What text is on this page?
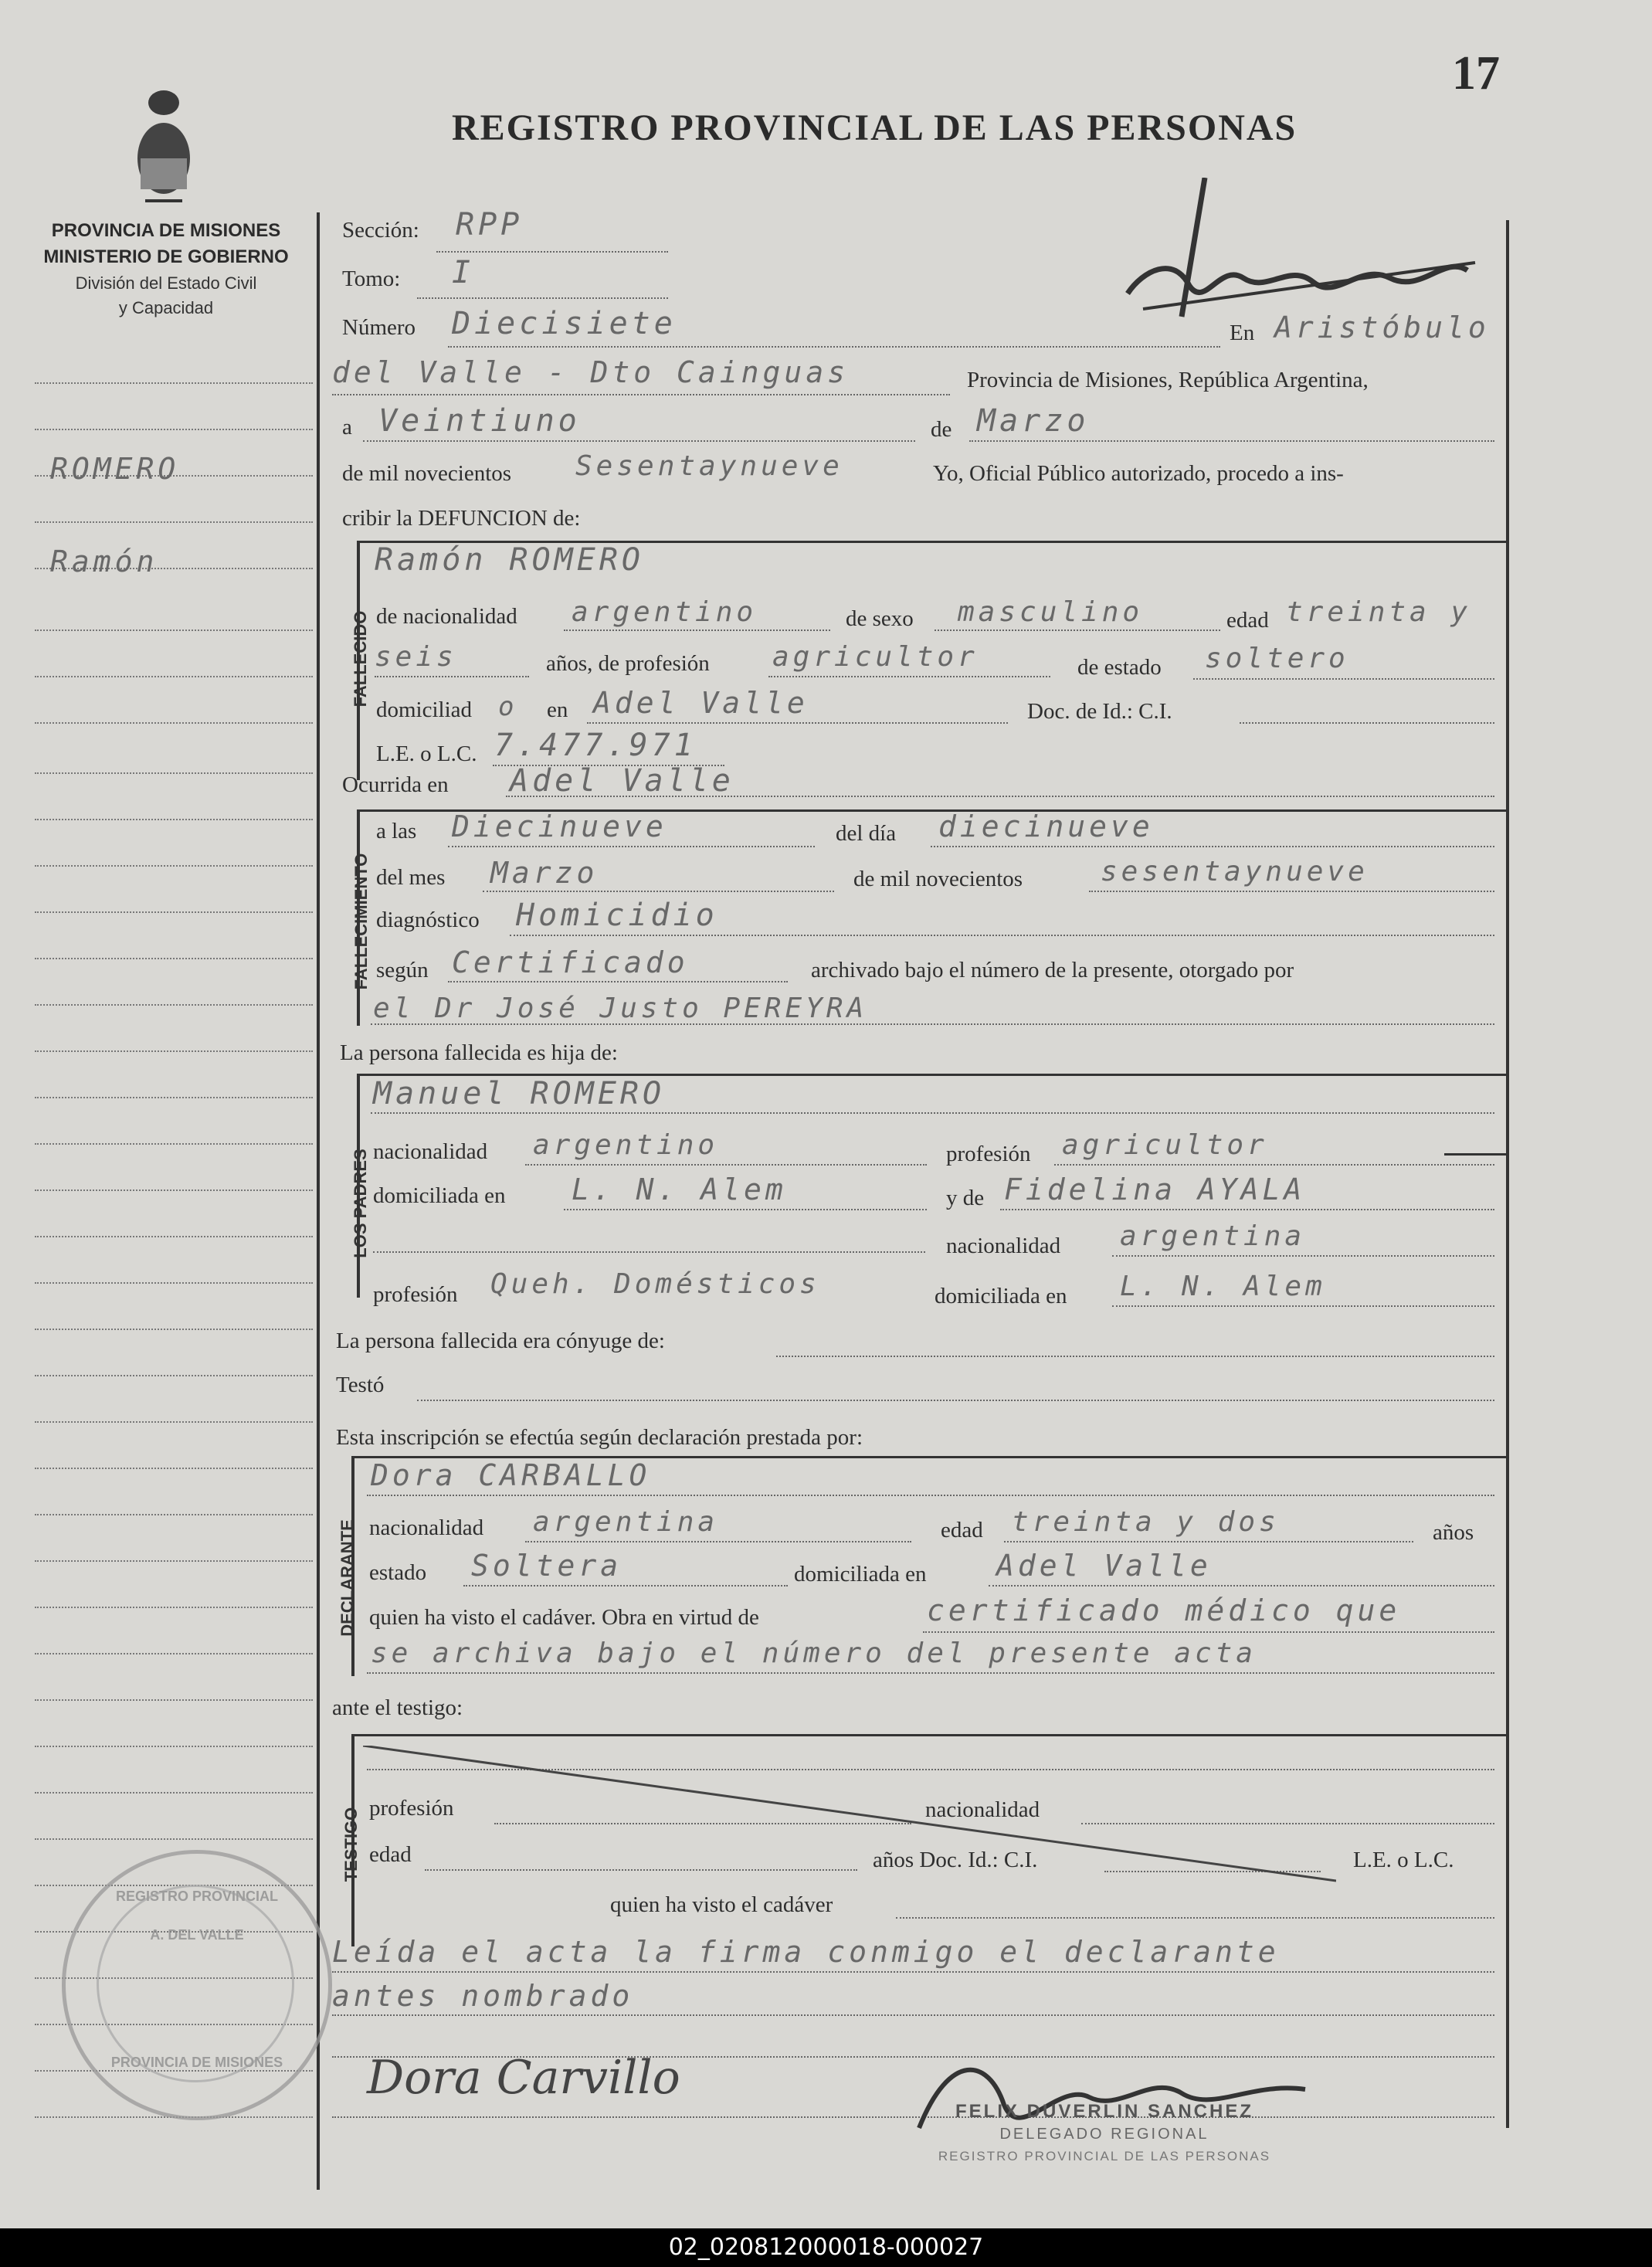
17
REGISTRO PROVINCIAL DE LAS PERSONAS
PROVINCIA DE MISIONES
MINISTERIO DE GOBIERNO
División del Estado Civil
y Capacidad
ROMERO
Ramón
Sección: RPP
Tomo: I
Número Diecisiete	En Aristóbulo
del Valle - Dto Cainguas	Provincia de Misiones, República Argentina,
a Veintiuno	de Marzo
de mil novecientos Sesentaynueve	Yo, Oficial Público autorizado, procedo a ins-
cribir la DEFUNCION de:
FALLECIDO
Ramón ROMERO
de nacionalidad argentino	de sexo masculino	edad treinta y
seis	años, de profesión agricultor	de estado soltero
domiciliad o en Adel Valle	Doc. de Id.: C.I.
L.E. o L.C. 7.477.971
Ocurrida en Adel Valle
FALLECIMIENTO
a las Diecinueve	del día diecinueve
del mes Marzo	de mil novecientos	sesentaynueve
diagnóstico Homicidio
según Certificado	archivado bajo el número de la presente, otorgado por
el Dr José Justo PEREYRA
La persona fallecida es hija de:
LOS PADRES
Manuel ROMERO
nacionalidad argentino	profesión agricultor
domiciliada en L. N. Alem	y de Fidelina AYALA
nacionalidad argentina
profesión Queh. Domésticos	domiciliada en L. N. Alem
La persona fallecida era cónyuge de:
Testó
Esta inscripción se efectúa según declaración prestada por:
DECLARANTE
Dora CARBALLO
nacionalidad argentina	edad treinta y dos	años
estado Soltera	domiciliada en Adel Valle
quien ha visto el cadáver. Obra en virtud de	certificado médico que
se archiva bajo el número del presente acta
ante el testigo:
TESTIGO profesión	nacionalidad
edad	años Doc. Id.: C.I.	L.E. o L.C.
quien ha visto el cadáver
Leída el acta la firma conmigo el declarante
antes nombrado
Dora Carvillo
FELIX DUVERLIN SANCHEZ
DELEGADO REGIONAL
REGISTRO PROVINCIAL DE LAS PERSONAS
REGISTRO PROVINCIAL
A. DEL VALLE
PROVINCIA DE MISIONES
02_020812000018-000027
